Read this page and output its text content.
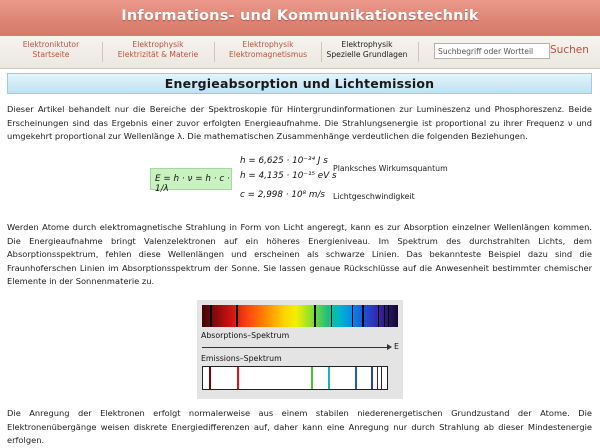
Informations- und Kommunikationstechnik
Elektroniktutor
Startseite
Elektrophysik
Elektrizität & Materie
Elektrophysik
Elektromagnetismus
Elektrophysik
Spezielle Grundlagen
Suchbegriff oder Wortteil	Suchen
Energieabsorption und Lichtemission

Dieser Artikel behandelt nur die Bereiche der Spektroskopie für Hintergrundinformationen zur Lumineszenz und Phosphoreszenz. Beide Erscheinungen sind das Ergebnis einer zuvor erfolgten Energieaufnahme. Die Strahlungsenergie ist proportional zu ihrer Frequenz ν und umgekehrt proportional zur Wellenlänge λ. Die mathematischen Zusammenhänge verdeutlichen die folgenden Beziehungen.

E = h · ν = h · c · 1/λ
h = 6,625 · 10⁻³⁴ J s
h = 4,135 · 10⁻¹⁵ eV s
c = 2,998 · 10⁸ m/s
Planksches Wirkumsquantum
Lichtgeschwindigkeit

Werden Atome durch elektromagnetische Strahlung in Form von Licht angeregt, kann es zur Absorption einzelner Wellenlängen kommen. Die Energieaufnahme bringt Valenzelektronen auf ein höheres Energieniveau. Im Spektrum des durchstrahlten Lichts, dem Absorptionsspektrum, fehlen diese Wellenlängen und erscheinen als schwarze Linien. Das bekannteste Beispiel dazu sind die Fraunhoferschen Linien im Absorptionsspektrum der Sonne. Sie lassen genaue Rückschlüsse auf die Anwesenheit bestimmter chemischer Elemente in der Sonnenmaterie zu.

Absorptions–Spektrum
E
Emissions–Spektrum

Die Anregung der Elektronen erfolgt normalerweise aus einem stabilen niederenergetischen Grundzustand der Atome. Die Elektronenübergänge weisen diskrete Energiedifferenzen auf, daher kann eine Anregung nur durch Strahlung ab dieser Mindestenergie erfolgen.
